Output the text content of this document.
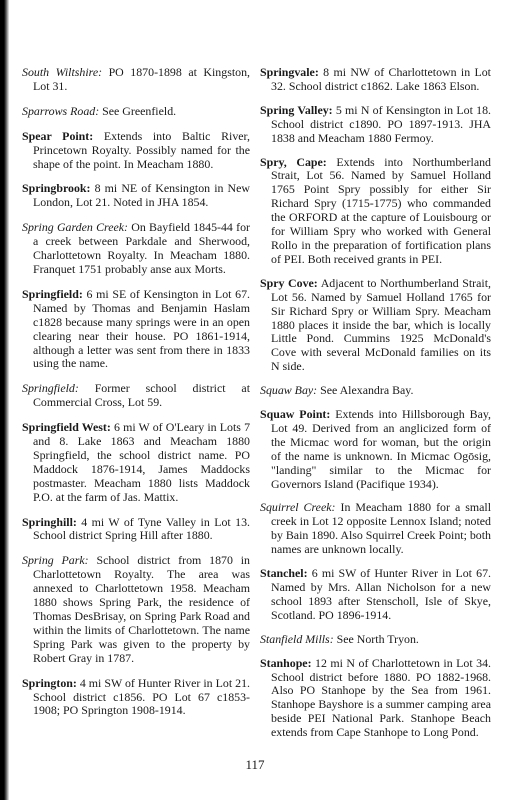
South Wiltshire: PO 1870-1898 at Kingston, Lot 31.

Sparrows Road: See Greenfield.

Spear Point: Extends into Baltic River, Princetown Royalty. Possibly named for the shape of the point. In Meacham 1880.

Springbrook: 8 mi NE of Kensington in New London, Lot 21. Noted in JHA 1854.

Spring Garden Creek: On Bayfield 1845-44 for a creek between Parkdale and Sherwood, Charlottetown Royalty. In Meacham 1880. Franquet 1751 probably anse aux Morts.

Springfield: 6 mi SE of Kensington in Lot 67. Named by Thomas and Benjamin Haslam c1828 because many springs were in an open clearing near their house. PO 1861-1914, although a letter was sent from there in 1833 using the name.

Springfield: Former school district at Commercial Cross, Lot 59.

Springfield West: 6 mi W of O'Leary in Lots 7 and 8. Lake 1863 and Meacham 1880 Springfield, the school district name. PO Maddock 1876-1914, James Maddocks postmaster. Meacham 1880 lists Maddock P.O. at the farm of Jas. Mattix.

Springhill: 4 mi W of Tyne Valley in Lot 13. School district Spring Hill after 1880.

Spring Park: School district from 1870 in Charlottetown Royalty. The area was annexed to Charlottetown 1958. Meacham 1880 shows Spring Park, the residence of Thomas DesBrisay, on Spring Park Road and within the limits of Charlottetown. The name Spring Park was given to the property by Robert Gray in 1787.

Springton: 4 mi SW of Hunter River in Lot 21. School district c1856. PO Lot 67 c1853-1908; PO Springton 1908-1914.

Springvale: 8 mi NW of Charlottetown in Lot 32. School district c1862. Lake 1863 Elson.

Spring Valley: 5 mi N of Kensington in Lot 18. School district c1890. PO 1897-1913. JHA 1838 and Meacham 1880 Fermoy.

Spry, Cape: Extends into Northumberland Strait, Lot 56. Named by Samuel Holland 1765 Point Spry possibly for either Sir Richard Spry (1715-1775) who commanded the ORFORD at the capture of Louisbourg or for William Spry who worked with General Rollo in the preparation of fortification plans of PEI. Both received grants in PEI.

Spry Cove: Adjacent to Northumberland Strait, Lot 56. Named by Samuel Holland 1765 for Sir Richard Spry or William Spry. Meacham 1880 places it inside the bar, which is locally Little Pond. Cummins 1925 McDonald's Cove with several McDonald families on its N side.

Squaw Bay: See Alexandra Bay.

Squaw Point: Extends into Hillsborough Bay, Lot 49. Derived from an anglicized form of the Micmac word for woman, but the origin of the name is unknown. In Micmac Ogōsig, "landing" similar to the Micmac for Governors Island (Pacifique 1934).

Squirrel Creek: In Meacham 1880 for a small creek in Lot 12 opposite Lennox Island; noted by Bain 1890. Also Squirrel Creek Point; both names are unknown locally.

Stanchel: 6 mi SW of Hunter River in Lot 67. Named by Mrs. Allan Nicholson for a new school 1893 after Stenscholl, Isle of Skye, Scotland. PO 1896-1914.

Stanfield Mills: See North Tryon.

Stanhope: 12 mi N of Charlottetown in Lot 34. School district before 1880. PO 1882-1968. Also PO Stanhope by the Sea from 1961. Stanhope Bayshore is a summer camping area beside PEI National Park. Stanhope Beach extends from Cape Stanhope to Long Pond.

117
